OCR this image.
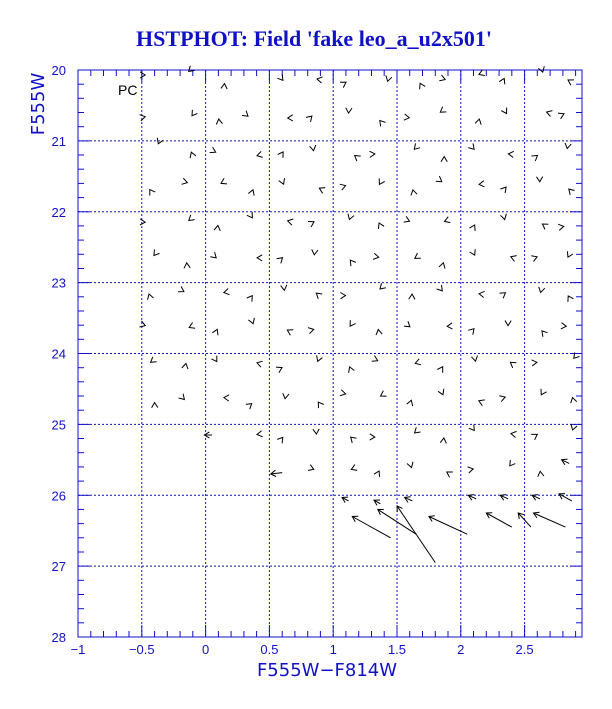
HSTPHOT: Field 'fake leo_a_u2x501'
−1	−0.5	0	0.5	1	1.5	2	2.5
20
21
22
23
24
25
26
27
28
PC
F555W−F814W
F555W
